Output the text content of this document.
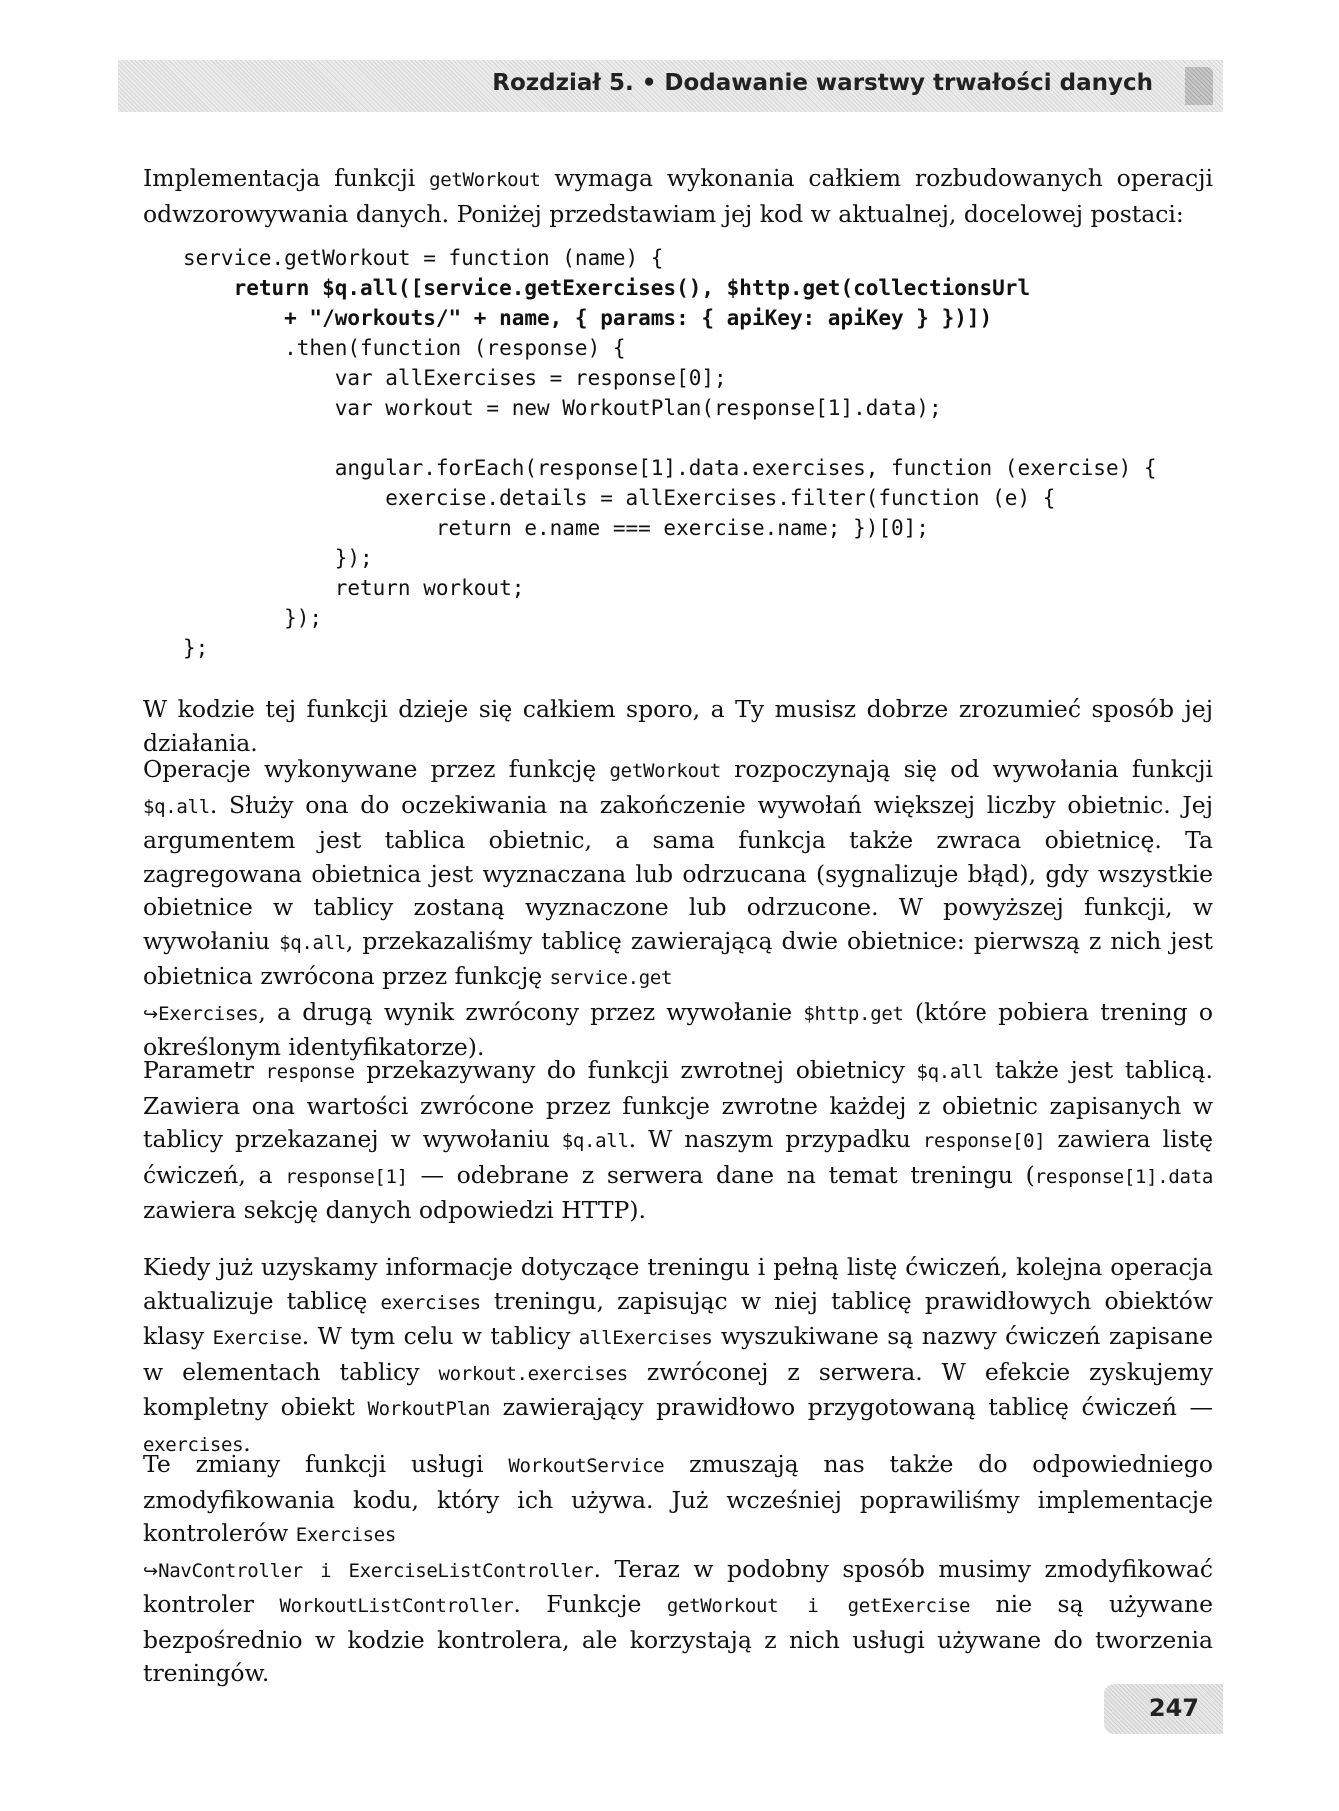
Rozdział 5. • Dodawanie warstwy trwałości danych
Implementacja funkcji getWorkout wymaga wykonania całkiem rozbudowanych operacji odwzorowywania danych. Poniżej przedstawiam jej kod w aktualnej, docelowej postaci:
service.getWorkout = function (name) {
return $q.all([service.getExercises(), $http.get(collectionsUrl
+ "/workouts/" + name, { params: { apiKey: apiKey } })])
.then(function (response) {
var allExercises = response[0];
var workout = new WorkoutPlan(response[1].data);
angular.forEach(response[1].data.exercises, function (exercise) {
exercise.details = allExercises.filter(function (e) {
return e.name === exercise.name; })[0];
});
return workout;
});
};
W kodzie tej funkcji dzieje się całkiem sporo, a Ty musisz dobrze zrozumieć sposób jej działania.
Operacje wykonywane przez funkcję getWorkout rozpoczynają się od wywołania funkcji $q.all. Służy ona do oczekiwania na zakończenie wywołań większej liczby obietnic. Jej argumentem jest tablica obietnic, a sama funkcja także zwraca obietnicę. Ta zagregowana obietnica jest wyznaczana lub odrzucana (sygnalizuje błąd), gdy wszystkie obietnice w tablicy zostaną wyznaczone lub odrzucone. W powyższej funkcji, w wywołaniu $q.all, przekazaliśmy tablicę zawierającą dwie obietnice: pierwszą z nich jest obietnica zwrócona przez funkcję service.get
↪Exercises, a drugą wynik zwrócony przez wywołanie $http.get (które pobiera trening o określonym identyfikatorze).
Parametr response przekazywany do funkcji zwrotnej obietnicy $q.all także jest tablicą. Zawiera ona wartości zwrócone przez funkcje zwrotne każdej z obietnic zapisanych w tablicy przekazanej w wywołaniu $q.all. W naszym przypadku response[0] zawiera listę ćwiczeń, a response[1] — odebrane z serwera dane na temat treningu (response[1].data zawiera sekcję danych odpowiedzi HTTP).
Kiedy już uzyskamy informacje dotyczące treningu i pełną listę ćwiczeń, kolejna operacja aktualizuje tablicę exercises treningu, zapisując w niej tablicę prawidłowych obiektów klasy Exercise. W tym celu w tablicy allExercises wyszukiwane są nazwy ćwiczeń zapisane w elementach tablicy workout.exercises zwróconej z serwera. W efekcie zyskujemy kompletny obiekt WorkoutPlan zawierający prawidłowo przygotowaną tablicę ćwiczeń — exercises.
Te zmiany funkcji usługi WorkoutService zmuszają nas także do odpowiedniego zmodyfikowania kodu, który ich używa. Już wcześniej poprawiliśmy implementacje kontrolerów Exercises
↪NavController i ExerciseListController. Teraz w podobny sposób musimy zmodyfikować kontroler WorkoutListController. Funkcje getWorkout i getExercise nie są używane bezpośrednio w kodzie kontrolera, ale korzystają z nich usługi używane do tworzenia treningów.
247
